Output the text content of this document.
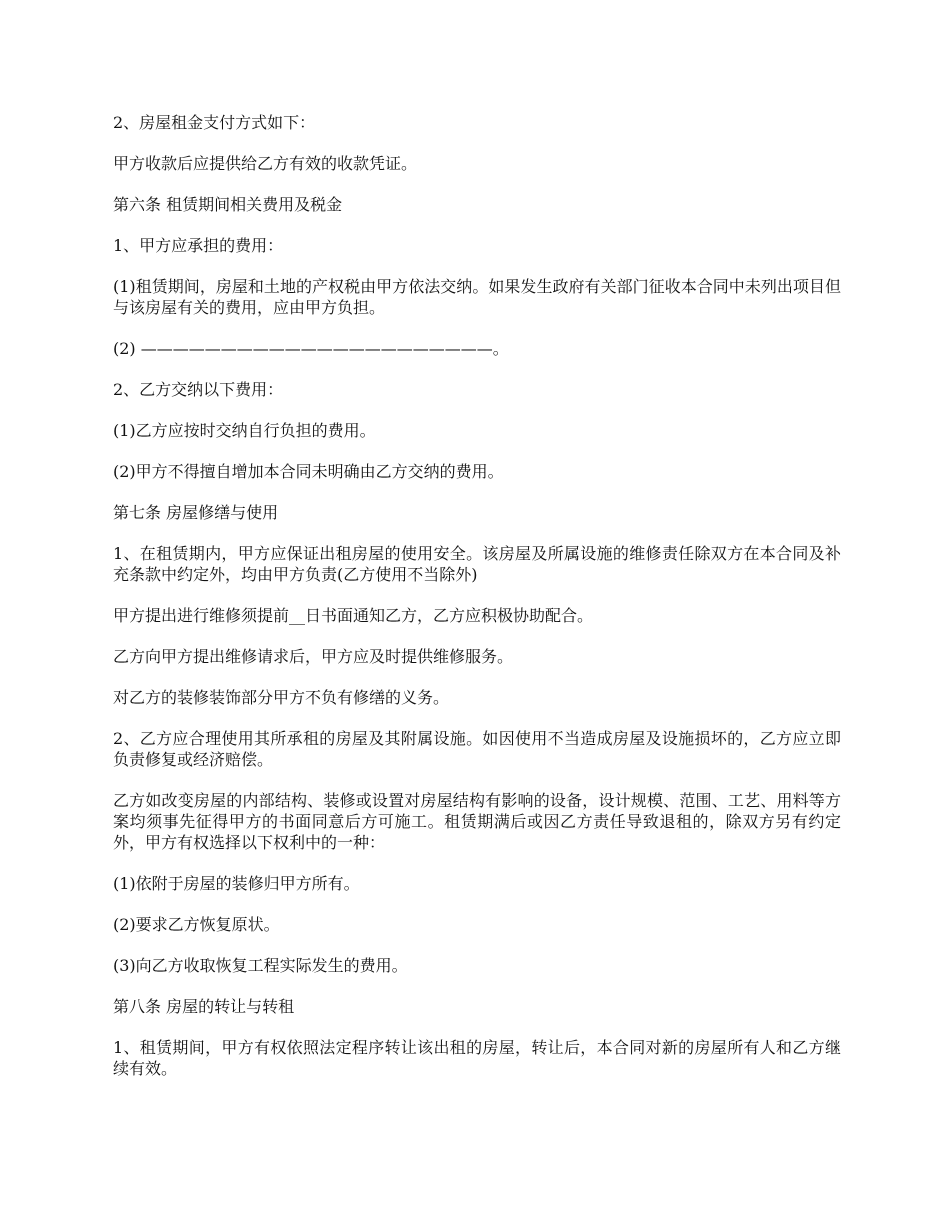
2、房屋租金支付方式如下：

甲方收款后应提供给乙方有效的收款凭证。

第六条 租赁期间相关费用及税金

1、甲方应承担的费用：

(1)租赁期间，房屋和土地的产权税由甲方依法交纳。如果发生政府有关部门征收本合同中未列出项目但与该房屋有关的费用，应由甲方负担。

(2) ——————————————————————。

2、乙方交纳以下费用：

(1)乙方应按时交纳自行负担的费用。

(2)甲方不得擅自增加本合同未明确由乙方交纳的费用。

第七条 房屋修缮与使用

1、在租赁期内，甲方应保证出租房屋的使用安全。该房屋及所属设施的维修责任除双方在本合同及补充条款中约定外，均由甲方负责(乙方使用不当除外)

甲方提出进行维修须提前__日书面通知乙方，乙方应积极协助配合。

乙方向甲方提出维修请求后，甲方应及时提供维修服务。

对乙方的装修装饰部分甲方不负有修缮的义务。

2、乙方应合理使用其所承租的房屋及其附属设施。如因使用不当造成房屋及设施损坏的，乙方应立即负责修复或经济赔偿。

乙方如改变房屋的内部结构、装修或设置对房屋结构有影响的设备，设计规模、范围、工艺、用料等方案均须事先征得甲方的书面同意后方可施工。租赁期满后或因乙方责任导致退租的，除双方另有约定外，甲方有权选择以下权利中的一种：

(1)依附于房屋的装修归甲方所有。

(2)要求乙方恢复原状。

(3)向乙方收取恢复工程实际发生的费用。

第八条 房屋的转让与转租

1、租赁期间，甲方有权依照法定程序转让该出租的房屋，转让后，本合同对新的房屋所有人和乙方继续有效。
